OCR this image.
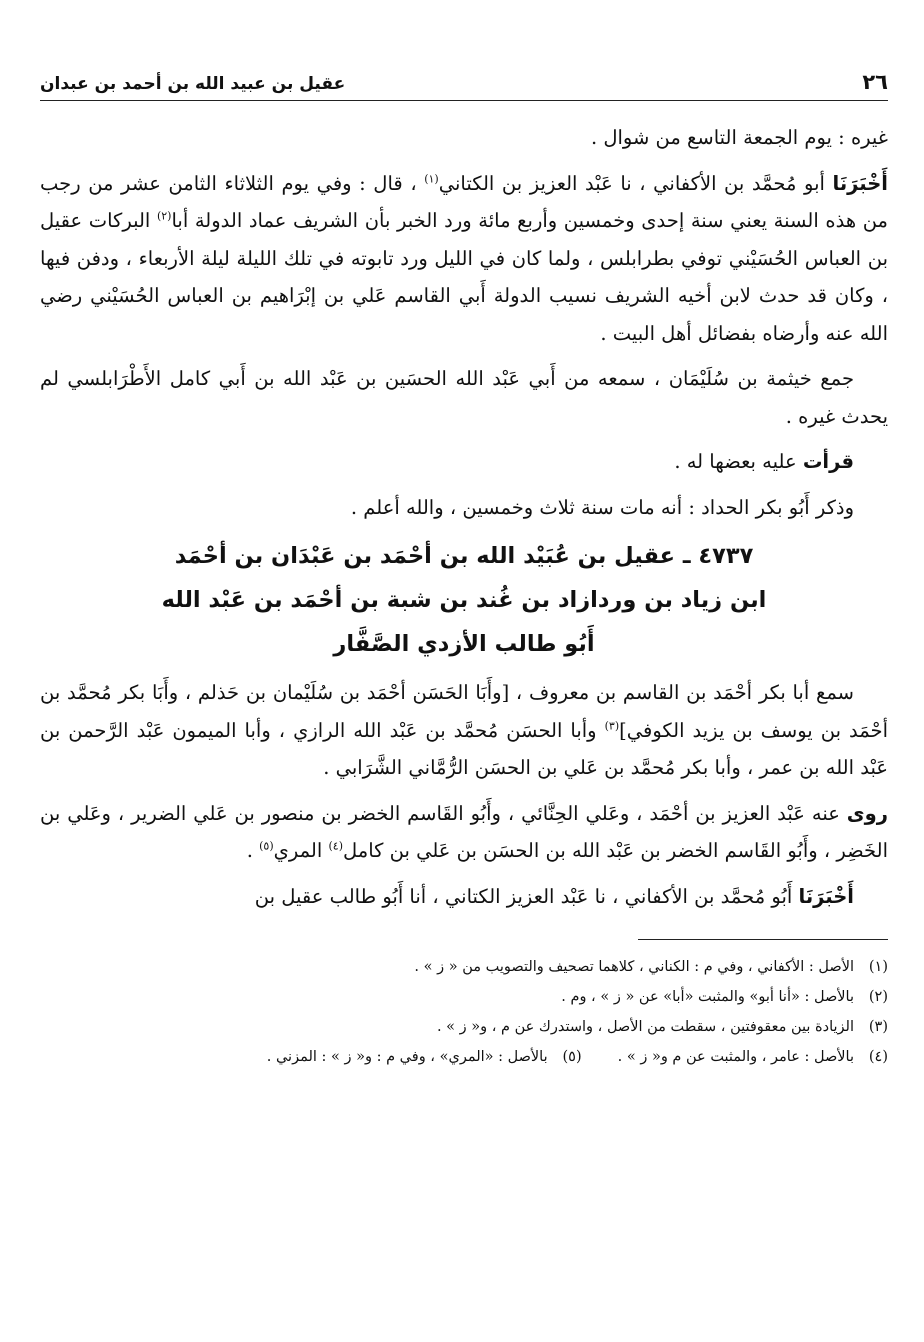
٢٦
عقيل بن عبيد الله بن أحمد بن عبدان

غيره : يوم الجمعة التاسع من شوال .

أَخْبَرَنَا أبو مُحمَّد بن الأكفاني ، نا عَبْد العزيز بن الكتاني$^{(١)}$ ، قال : وفي يوم الثلاثاء الثامن عشر من رجب من هذه السنة يعني سنة إحدى وخمسين وأربع مائة ورد الخبر بأن الشريف عماد الدولة أبا$^{(٢)}$ البركات عقيل بن العباس الحُسَيْني توفي بطرابلس ، ولما كان في الليل ورد تابوته في تلك الليلة ليلة الأربعاء ، ودفن فيها ، وكان قد حدث لابن أخيه الشريف نسيب الدولة أَبي القاسم عَلي بن إبْرَاهيم بن العباس الحُسَيْني رضي الله عنه وأرضاه بفضائل أهل البيت .

جمع خيثمة بن سُلَيْمَان ، سمعه من أَبي عَبْد الله الحسَين بن عَبْد الله بن أَبي كامل الأَطْرَابلسي لم يحدث غيره .

قرأت عليه بعضها له .

وذكر أَبُو بكر الحداد : أنه مات سنة ثلاث وخمسين ، والله أعلم .

٤٧٣٧ ـ عقيل بن عُبَيْد الله بن أحْمَد بن عَبْدَان بن أحْمَد
ابن زياد بن وردازاد بن غُند بن شبة بن أحْمَد بن عَبْد الله
أَبُو طالب الأزدي الصَّفَّار

سمع أبا بكر أحْمَد بن القاسم بن معروف ، [وأَبَا الحَسَن أحْمَد بن سُلَيْمان بن حَذلم ، وأَبَا بكر مُحمَّد بن أحْمَد بن يوسف بن يزيد الكوفي]$^{(٣)}$ وأبا الحسَن مُحمَّد بن عَبْد الله الرازي ، وأبا الميمون عَبْد الرَّحمن بن عَبْد الله بن عمر ، وأبا بكر مُحمَّد بن عَلي بن الحسَن الرُّمَّاني الشَّرَابي .

روى عنه عَبْد العزيز بن أحْمَد ، وعَلي الحِنَّائي ، وأَبُو القَاسم الخضر بن منصور بن عَلي الضرير ، وعَلي بن الخَضِر ، وأَبُو القَاسم الخضر بن عَبْد الله بن الحسَن بن عَلي بن كامل$^{(٤)}$ المري$^{(٥)}$ .

أَخْبَرَنَا أَبُو مُحمَّد بن الأكفاني ، نا عَبْد العزيز الكتاني ، أنا أَبُو طالب عقيل بن

(١)الأصل : الأكفاني ، وفي م : الكناني ، كلاهما تصحيف والتصويب من « ز » .
(٢)بالأصل : «أنا أبو» والمثبت «أبا» عن « ز » ، وم .
(٣)الزيادة بين معقوفتين ، سقطت من الأصل ، واستدرك عن م ، و« ز » .
(٤)بالأصل : عامر ، والمثبت عن م و« ز » .
(٥)بالأصل : «المري» ، وفي م : و« ز » : المزني .
